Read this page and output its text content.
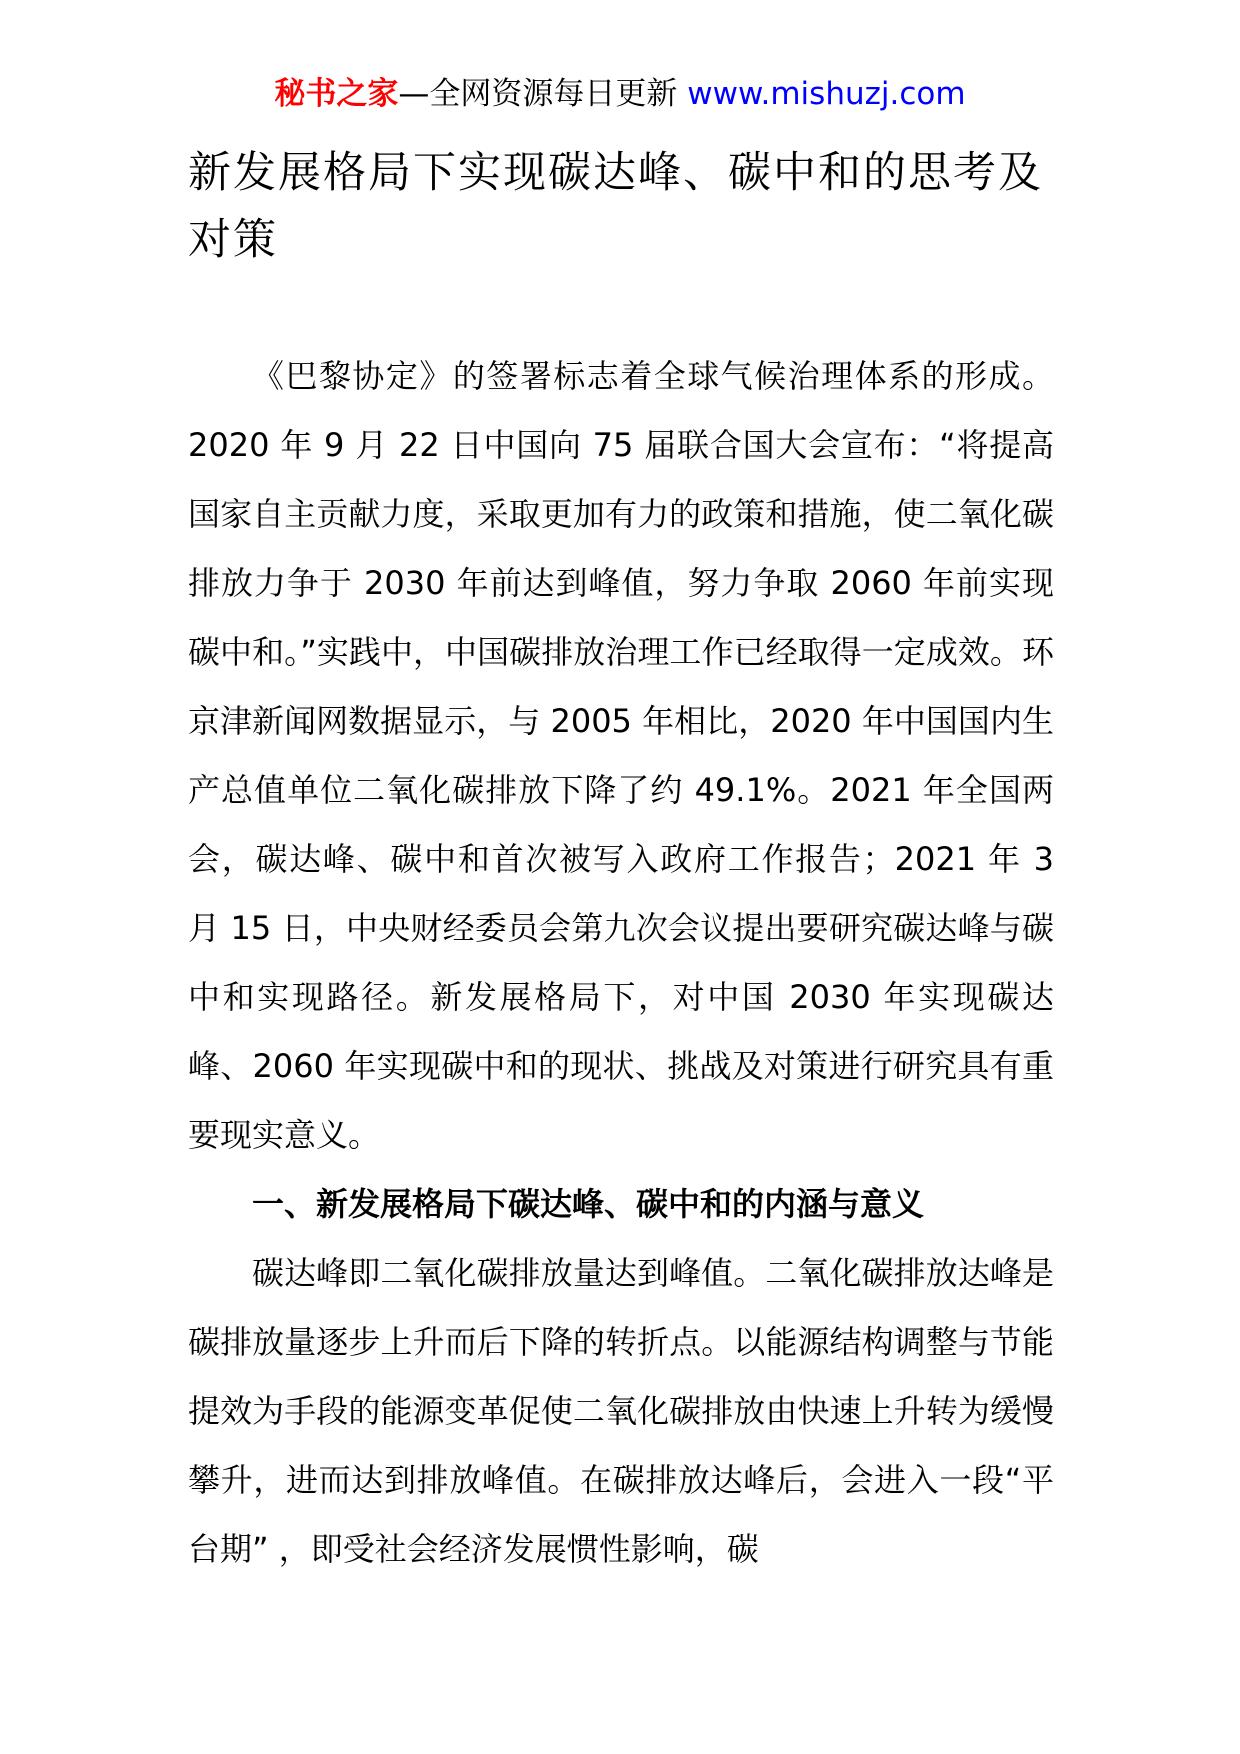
秘书之家—全网资源每日更新 www.mishuzj.com
新发展格局下实现碳达峰、碳中和的思考及对策

《巴黎协定》的签署标志着全球气候治理体系的形成。2020 年 9 月 22 日中国向 75 届联合国大会宣布：“将提高国家自主贡献力度，采取更加有力的政策和措施，使二氧化碳排放力争于 2030 年前达到峰值，努力争取 2060 年前实现碳中和。”实践中，中国碳排放治理工作已经取得一定成效。环京津新闻网数据显示，与 2005 年相比，2020 年中国国内生产总值单位二氧化碳排放下降了约 49.1%。2021 年全国两会，碳达峰、碳中和首次被写入政府工作报告；2021 年 3 月 15 日，中央财经委员会第九次会议提出要研究碳达峰与碳中和实现路径。新发展格局下，对中国 2030 年实现碳达峰、2060 年实现碳中和的现状、挑战及对策进行研究具有重要现实意义。

一、新发展格局下碳达峰、碳中和的内涵与意义

碳达峰即二氧化碳排放量达到峰值。二氧化碳排放达峰是碳排放量逐步上升而后下降的转折点。以能源结构调整与节能提效为手段的能源变革促使二氧化碳排放由快速上升转为缓慢攀升，进而达到排放峰值。在碳排放达峰后，会进入一段“平台期” ，即受社会经济发展惯性影响，碳
